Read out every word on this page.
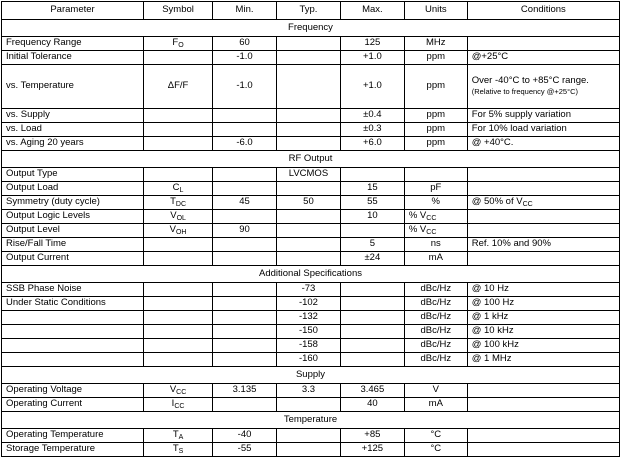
Parameter	Symbol	Min.	Typ.	Max.	Units	Conditions
Frequency						
Frequency Range	$F_O$	60		125	MHz	
Initial Tolerance		-1.0		+1.0	ppm	@+25°C
vs. Temperature	ΔF/F	-1.0		+1.0	ppm	Over -40°C to +85°C range.
(Relative to frequency @+25°C)

vs. Supply				±0.4	ppm	For 5% supply variation
vs. Load				±0.3	ppm	For 10% load variation
vs. Aging 20 years		-6.0		+6.0	ppm	@ +40°C.
RF Output						
Output Type			LVCMOS			
Output Load	$C_L$			15	pF	
Symmetry (duty cycle)	$T_{DC}$	45	50	55	%	@ 50% of $V_{CC}$
Output Logic Levels	$V_{OL}$			10	% $V_{CC}$	
Output Level	$V_{OH}$	90			% $V_{CC}$	
Rise/Fall Time				5	ns	Ref. 10% and 90%
Output Current				±24	mA	
Additional Specifications						
SSB Phase Noise			-73		dBc/Hz	@ 10 Hz
Under Static Conditions			-102		dBc/Hz	@ 100 Hz
			-132		dBc/Hz	@ 1 kHz
			-150		dBc/Hz	@ 10 kHz
			-158		dBc/Hz	@ 100 kHz
			-160		dBc/Hz	@ 1 MHz
Supply						
Operating Voltage	$V_{CC}$	3.135	3.3	3.465	V	
Operating Current	$I_{CC}$			40	mA	
Temperature						
Operating Temperature	$T_A$	-40		+85	°C	
Storage Temperature	$T_S$	-55		+125	°C	
